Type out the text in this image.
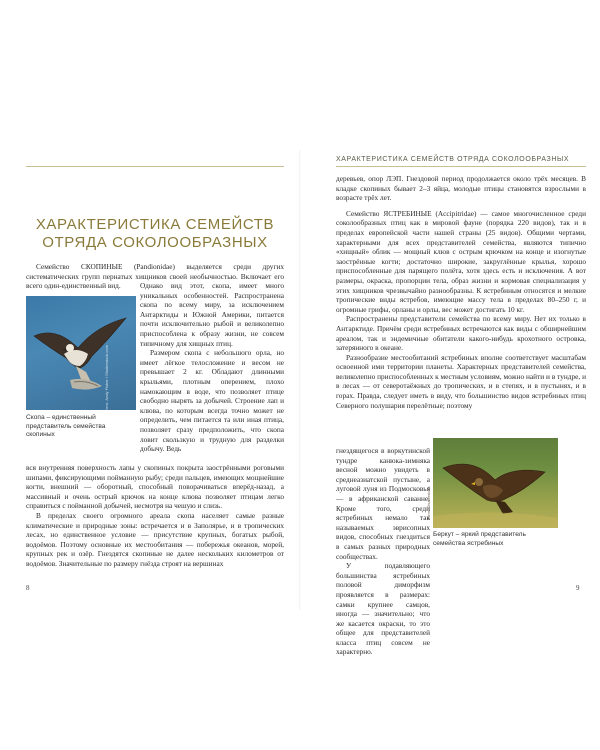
ХАРАКТЕРИСТИКА СЕМЕЙСТВ
ОТРЯДА СОКОЛООБРАЗНЫХ

Семейство СКОПИНЫЕ (Pandionidae) выделяется среди других систематических групп пернатых хищников своей необычностью. Включает его всего один-единственный вид.

Фото: Andy Fisher / Shutterstock.com
Скопа – единственный представитель семейства скопиных

Однако вид этот, скопа, имеет много уникальных особенностей. Распространена скопа по всему миру, за исключением Антарктиды и Южной Америки, питается почти исключительно рыбой и великолепно приспособлена к образу жизни, не совсем типичному для хищных птиц.

Размером скопа с небольшого орла, но имеет лёгкое телосложение и весом не превышает 2 кг. Обладают длинными крыльями, плотным оперением, плохо намокающим в воде, что позволяет птице свободно нырять за добычей. Строение лап и клюва, по которым всегда точно может не определить, чем питается та или иная птица, позволяет сразу предположить, что скопа ловит скользкую и трудную для разделки добычу. Ведь

вся внутренняя поверхность лапы у скопиных покрыта заострёнными роговыми шипами, фиксирующими пойманную рыбу; среди пальцев, имеющих мощнейшие когти, внешний — оборотный, способный поворачиваться вперёд-назад, а массивный и очень острый крючок на конце клюва позволяет птицам легко справиться с пойманной добычей, несмотря на чешую и слизь.

В пределах своего огромного ареала скопа населяет самые разные климатические и природные зоны: встречается и в Заполярье, и в тропических лесах, но единственное условие — присутствие крупных, богатых рыбой, водоёмов. Поэтому основные их местообитания — побережья океанов, морей, крупных рек и озёр. Гнездятся скопиные не далее нескольких километров от водоёмов. Значительные по размеру гнёзда строят на вершинах

8
ХАРАКТЕРИСТИКА СЕМЕЙСТВ ОТРЯДА СОКОЛООБРАЗНЫХ

деревьев, опор ЛЭП. Гнездовой период продолжается около трёх месяцев. В кладке скопиных бывает 2–3 яйца, молодые птицы становятся взрослыми в возрасте трёх лет.

Семейство ЯСТРЕБИНЫЕ (Accipitridae) — самое многочисленное среди соколообразных птиц как в мировой фауне (порядка 220 видов), так и в пределах европейской части нашей страны (25 видов). Общими чертами, характерными для всех представителей семейства, являются типично «хищный» облик — мощный клюв с острым крючком на конце и изогнутые заострённые когти; достаточно широкие, закруглённые крылья, хорошо приспособленные для парящего полёта, хотя здесь есть и исключения. А вот размеры, окраска, пропорции тела, образ жизни и кормовая специализация у этих хищников чрезвычайно разнообразны. К ястребиным относятся и мелкие тропические виды ястребов, имеющие массу тела в пределах 80–250 г, и огромные грифы, орланы и орлы, вес может достигать 10 кг.

Распространены представители семейства по всему миру. Нет их только в Антарктиде. Причём среди ястребиных встречаются как виды с обширнейшим ареалом, так и эндемичные обитатели какого-нибудь крохотного островка, затерянного в океане.

Разнообразие местообитаний ястребиных вполне соответствует масштабам освоенной ими территории планеты. Характерных представителей семейства, великолепно приспособленных к местным условиям, можно найти и в тундре, и в лесах — от северотаёжных до тропических, и в степях, и в пустынях, и в горах. Правда, следует иметь в виду, что большинство видов ястребиных птиц Северного полушария перелётные; поэтому

гнездящегося в воркутинской тундре канюка-зимняка весной можно увидеть в среднеазиатской пустыне, а луговой луня из Подмосковья — в африканской саванне. Кроме того, среди ястребиных немало так называемых эврисопных видов, способных гнездиться в самых разных природных сообществах.

У подавляющего большинства ястребиных половой диморфизм проявляется в размерах: самки крупнее самцов, иногда — значительно; что же касается окраски, то это общее для представителей класса птиц совсем не характерно.

Фото: Shutterstock
Беркут – яркий представитель семейства ястребиных
9
